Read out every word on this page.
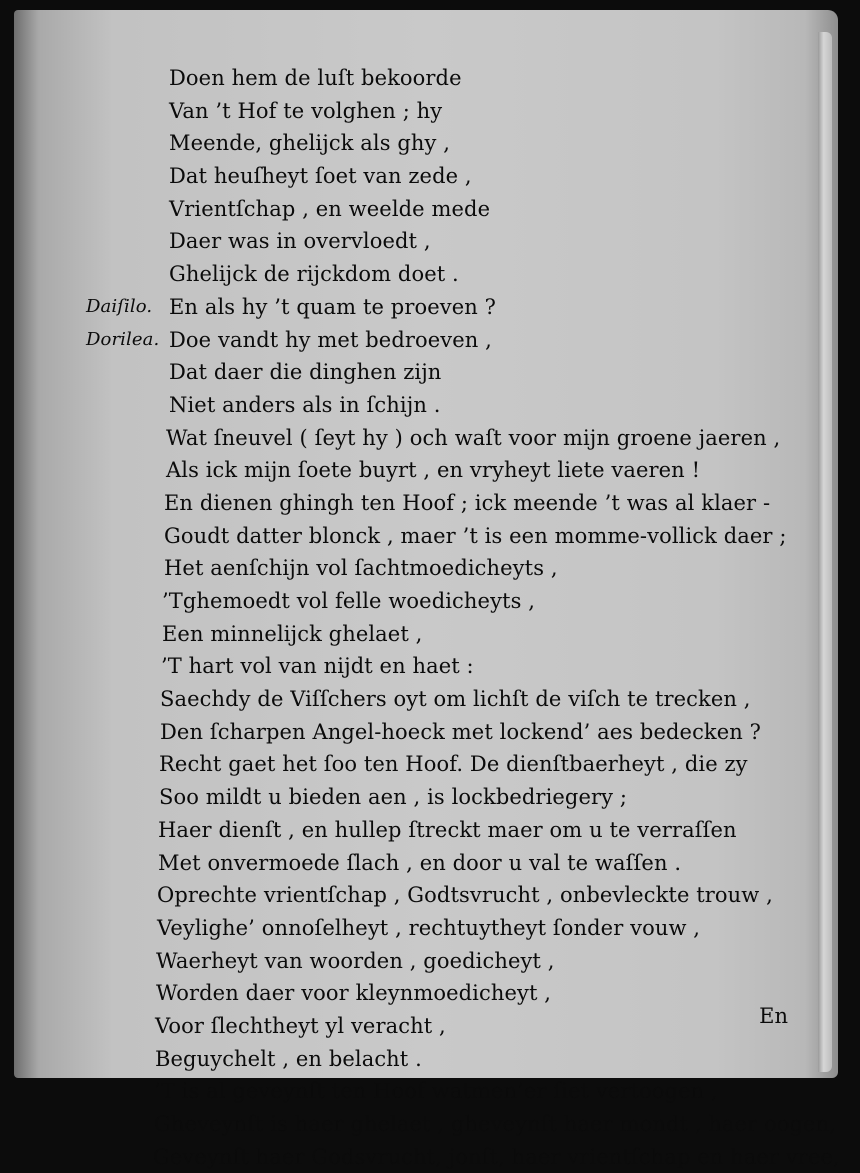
Doen hem de luſt bekoorde
Van ’t Hof te volghen ; hy
Meende, ghelijck als ghy ,
Dat heuſheyt ſoet van zede ,
Vrientſchap , en weelde mede
Daer was in overvloedt ,
Ghelijck de rijckdom doet .
Daiſilo. En als hy ’t quam te proeven ?
Dorilea. Doe vandt hy met bedroeven ,
Dat daer die dinghen zijn
Niet anders als in ſchijn .
Wat ſneuvel ( ſeyt hy ) och waſt voor mijn groene jaeren ,
Als ick mijn ſoete buyrt , en vryheyt liete vaeren !
En dienen ghingh ten Hoof ; ick meende ’t was al klaer -
Goudt datter blonck , maer ’t is een momme-vollick daer ;
Het aenſchijn vol ſachtmoedicheyts ,
’Tghemoedt vol felle woedicheyts ,
Een minnelijck ghelaet ,
’T hart vol van nijdt en haet :
Saechdy de Viſſchers oyt om lichſt de viſch te trecken ,
Den ſcharpen Angel-hoeck met lockend’ aes bedecken ?
Recht gaet het ſoo ten Hoof. De dienſtbaerheyt , die zy
Soo mildt u bieden aen , is lockbedriegery ;
Haer dienſt , en hullep ſtreckt maer om u te verraſſen
Met onvermoede ſlach , en door u val te waſſen .
Oprechte vrientſchap , Godtsvrucht , onbevleckte trouw ,
Veylighe’ onnoſelheyt , rechtuytheyt ſonder vouw ,
Waerheyt van woorden , goedicheyt ,
Worden daer voor kleynmoedicheyt ,
Voor ſlechtheyt yl veracht ,
Beguychelt , en belacht .
’T is al geveynſt ten Hoof watmen’er ſiet vertoogen ,
Gheveynſt is haer ghelaet , gheveynſt haer mondt , haer oogen,
Geveynſt haer Godsvrucht, jonſt, haer vrientſchap en haer vree,
En
